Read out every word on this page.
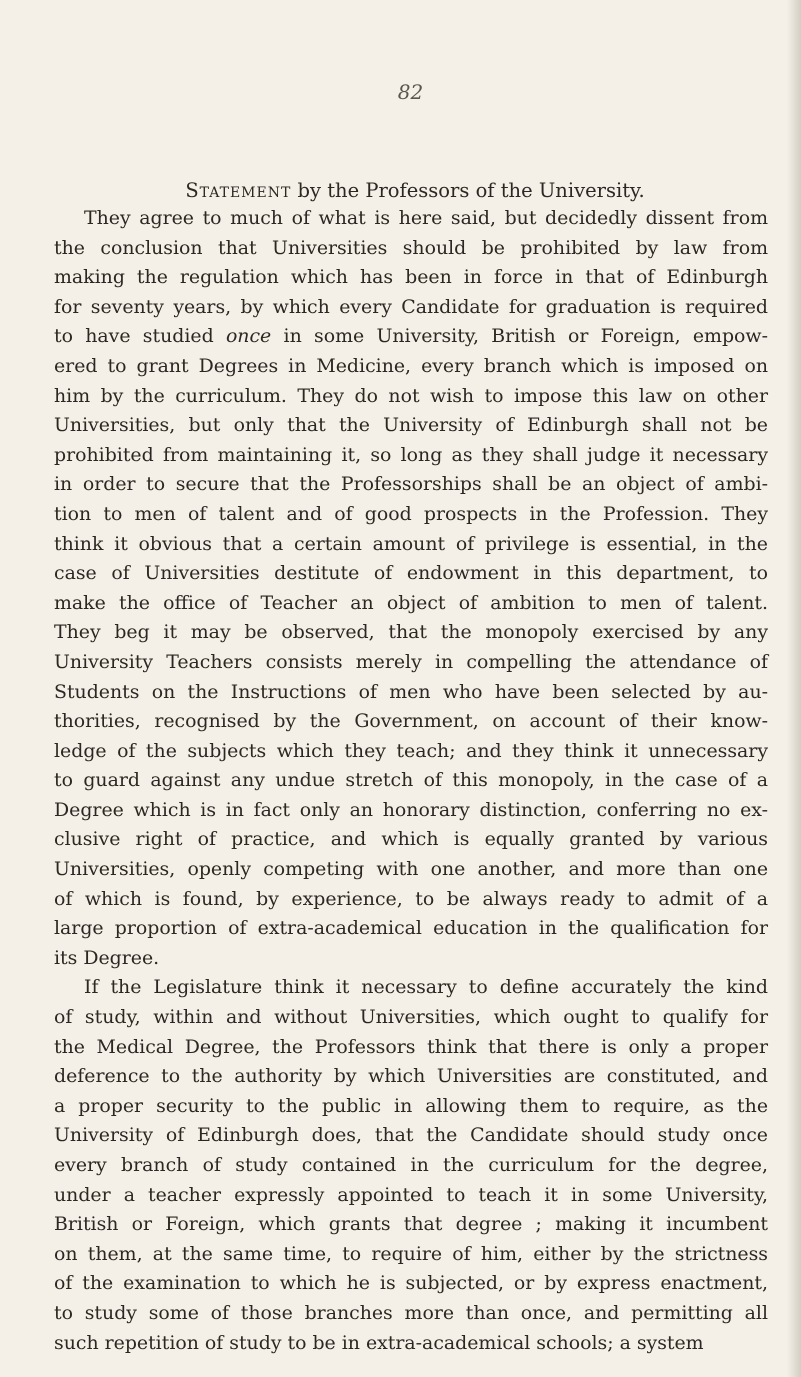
82
Statement by the Professors of the University.
They agree to much of what is here said, but decidedly dissent from
the conclusion that Universities should be prohibited by law from
making the regulation which has been in force in that of Edinburgh
for seventy years, by which every Candidate for graduation is required
to have studied once in some University, British or Foreign, empow-
ered to grant Degrees in Medicine, every branch which is imposed on
him by the curriculum. They do not wish to impose this law on other
Universities, but only that the University of Edinburgh shall not be
prohibited from maintaining it, so long as they shall judge it necessary
in order to secure that the Professorships shall be an object of ambi-
tion to men of talent and of good prospects in the Profession. They
think it obvious that a certain amount of privilege is essential, in the
case of Universities destitute of endowment in this department, to
make the office of Teacher an object of ambition to men of talent.
They beg it may be observed, that the monopoly exercised by any
University Teachers consists merely in compelling the attendance of
Students on the Instructions of men who have been selected by au-
thorities, recognised by the Government, on account of their know-
ledge of the subjects which they teach; and they think it unnecessary
to guard against any undue stretch of this monopoly, in the case of a
Degree which is in fact only an honorary distinction, conferring no ex-
clusive right of practice, and which is equally granted by various
Universities, openly competing with one another, and more than one
of which is found, by experience, to be always ready to admit of a
large proportion of extra-academical education in the qualification for
its Degree.
If the Legislature think it necessary to define accurately the kind
of study, within and without Universities, which ought to qualify for
the Medical Degree, the Professors think that there is only a proper
deference to the authority by which Universities are constituted, and
a proper security to the public in allowing them to require, as the
University of Edinburgh does, that the Candidate should study once
every branch of study contained in the curriculum for the degree,
under a teacher expressly appointed to teach it in some University,
British or Foreign, which grants that degree ; making it incumbent
on them, at the same time, to require of him, either by the strictness
of the examination to which he is subjected, or by express enactment,
to study some of those branches more than once, and permitting all
such repetition of study to be in extra-academical schools; a system
